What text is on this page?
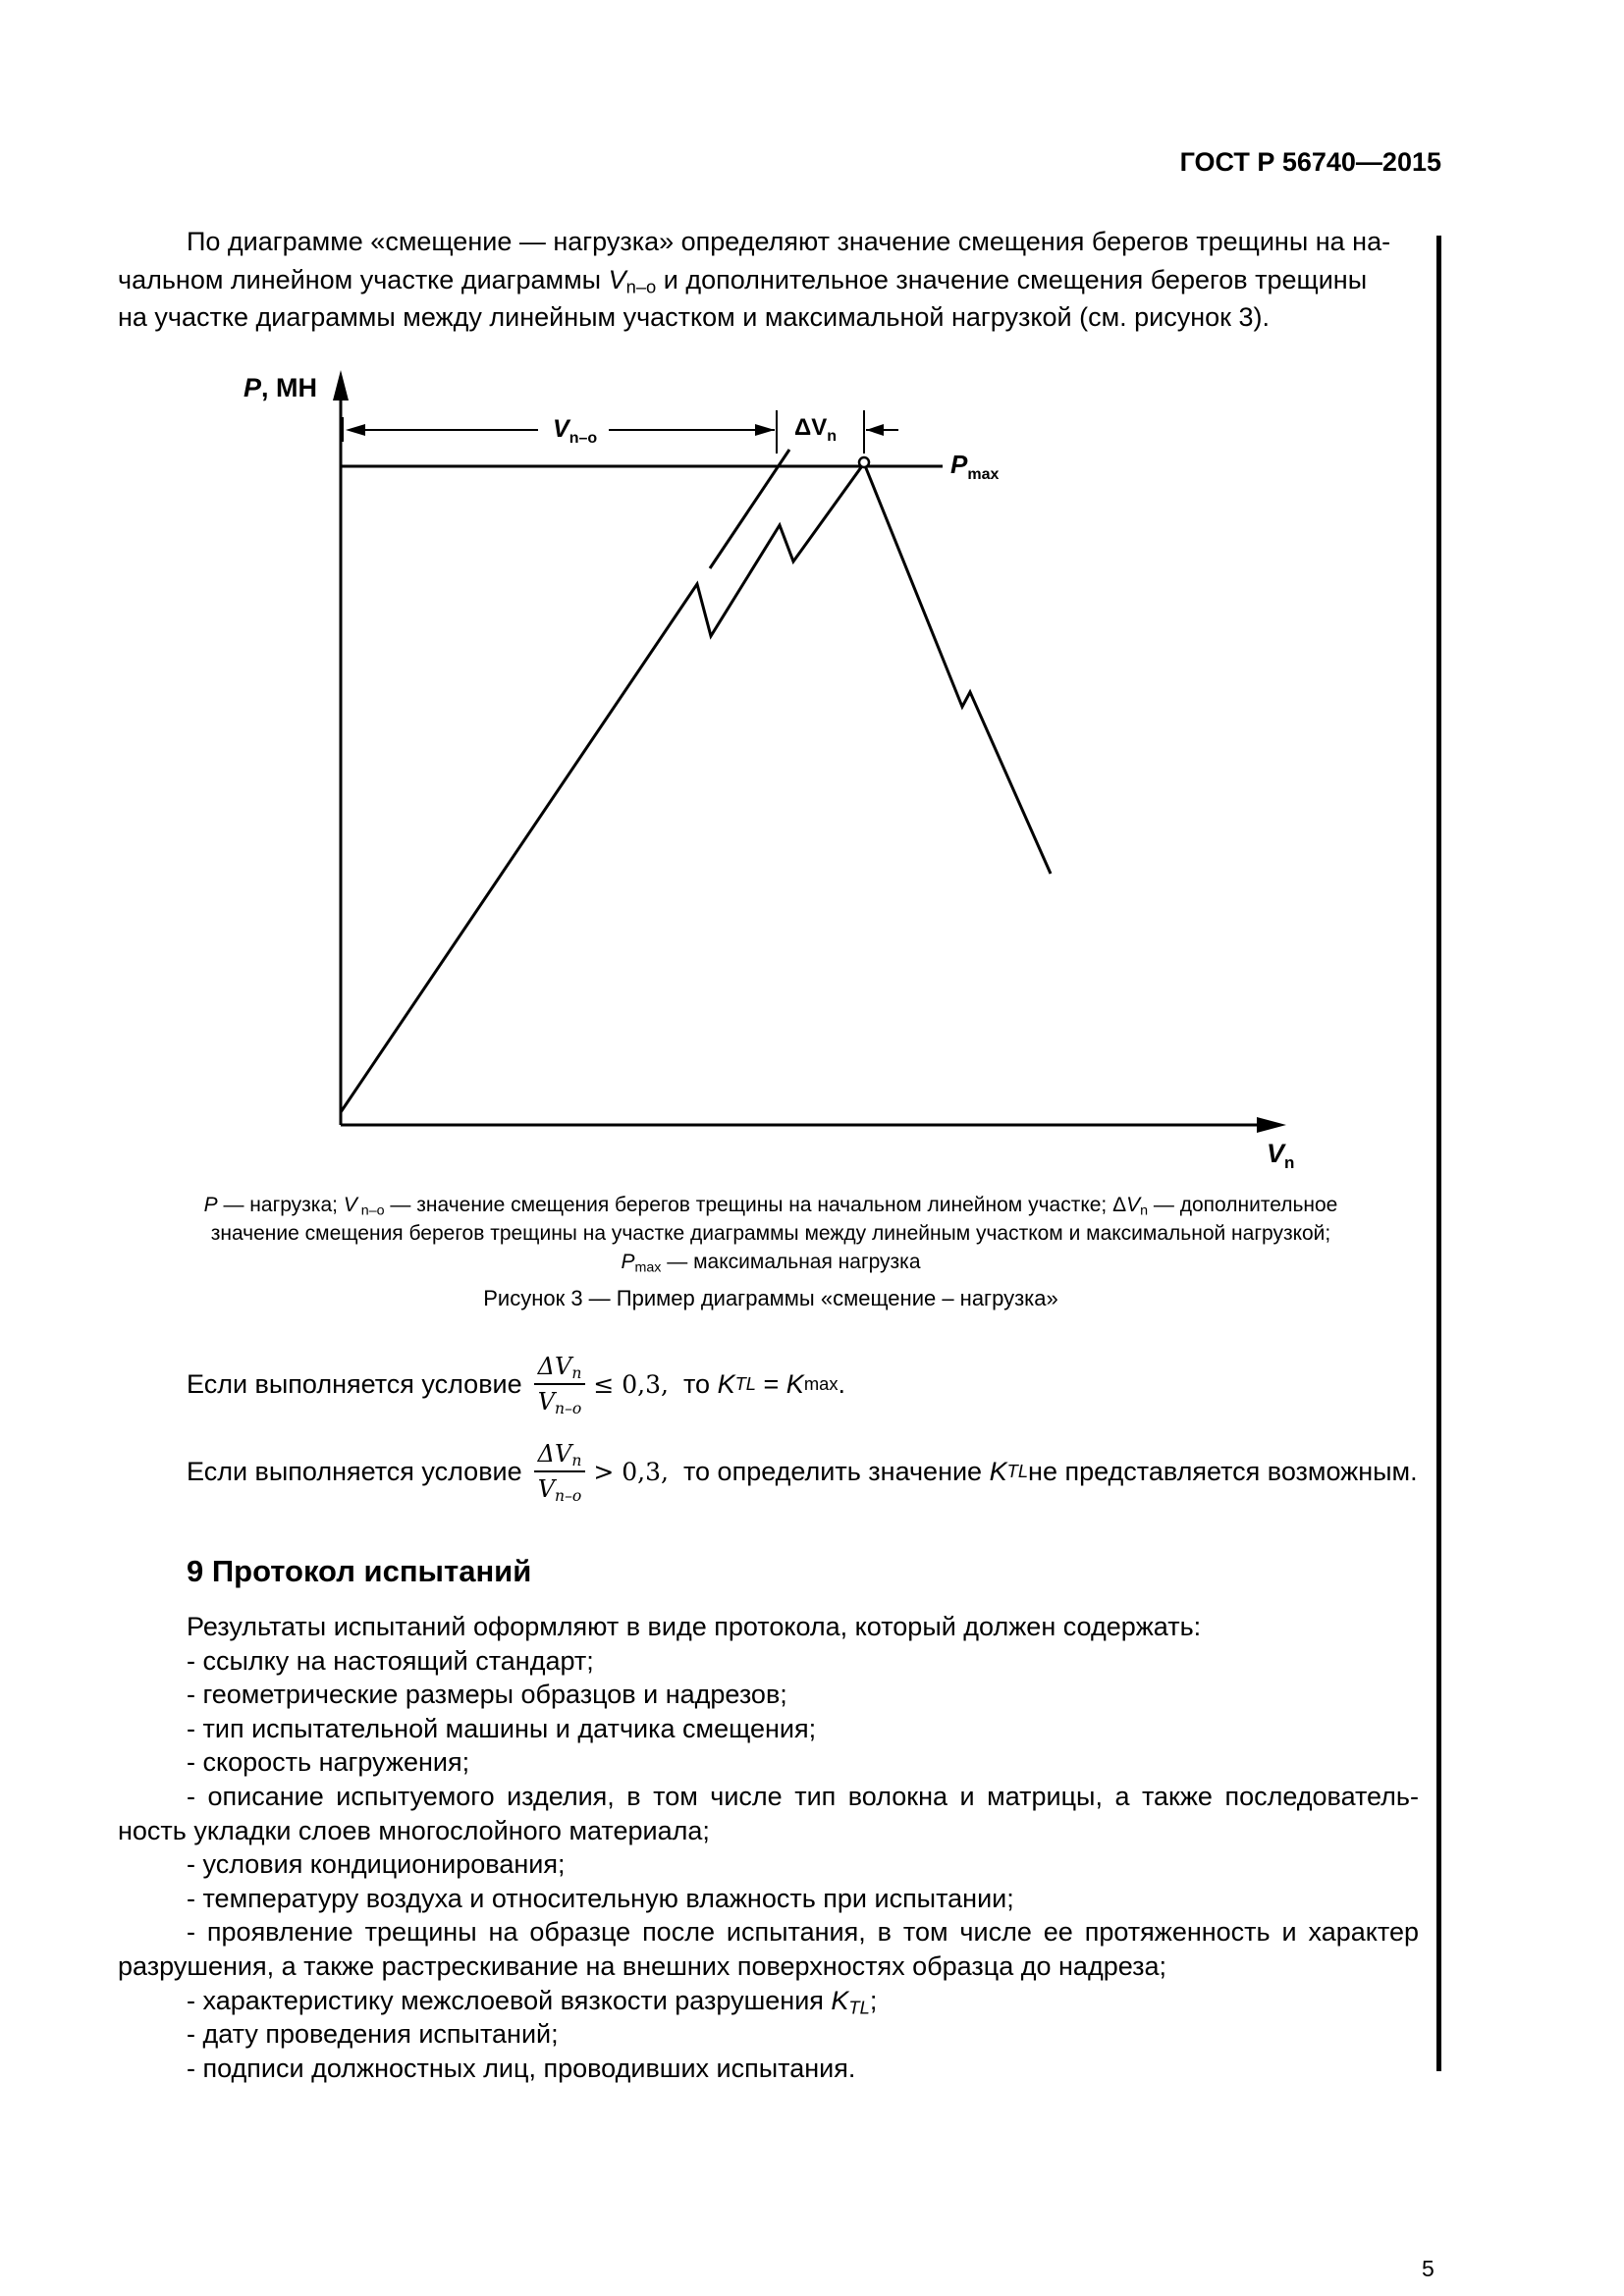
ГОСТ Р 56740—2015
По диаграмме «смещение — нагрузка» определяют значение смещения берегов трещины на на-
чальном линейном участке диаграммы $V_{n-o}$ и дополнительное значение смещения берегов трещины
на участке диаграммы между линейным участком и максимальной нагрузкой (см. рисунок 3).
P, МН
$V_n$
$V_{n-o}$	$\Delta V_n$
$P_{max}$
P — нагрузка; V $_{n-o}$ — значение смещения берегов трещины на начальном линейном участке; $\Delta V_n$ — дополнительное
значение смещения берегов трещины на участке диаграммы между линейным участком и максимальной нагрузкой;
$P_{max}$ — максимальная нагрузка
Рисунок 3 — Пример диаграммы «смещение – нагрузка»
Если выполняется условие $\frac{\Delta V_n}{V_{n-o}} \le 0,3$, то K TL = K max .
Если выполняется условие $\frac{\Delta V_n}{V_{n-o}} > 0,3$, то определить значение K TL не представляется возможным.
9 Протокол испытаний
Результаты испытаний оформляют в виде протокола, который должен содержать:
- ссылку на настоящий стандарт;
- геометрические размеры образцов и надрезов;
- тип испытательной машины и датчика смещения;
- скорость нагружения;
- описание испытуемого изделия, в том числе тип волокна и матрицы, а также последователь-ность укладки слоев многослойного материала;
- условия кондиционирования;
- температуру воздуха и относительную влажность при испытании;
- проявление трещины на образце после испытания, в том числе ее протяженность и характер разрушения, а также растрескивание на внешних поверхностях образца до надреза;
- характеристику межслоевой вязкости разрушения $K_{TL}$;
- дату проведения испытаний;
- подписи должностных лиц, проводивших испытания.
5
